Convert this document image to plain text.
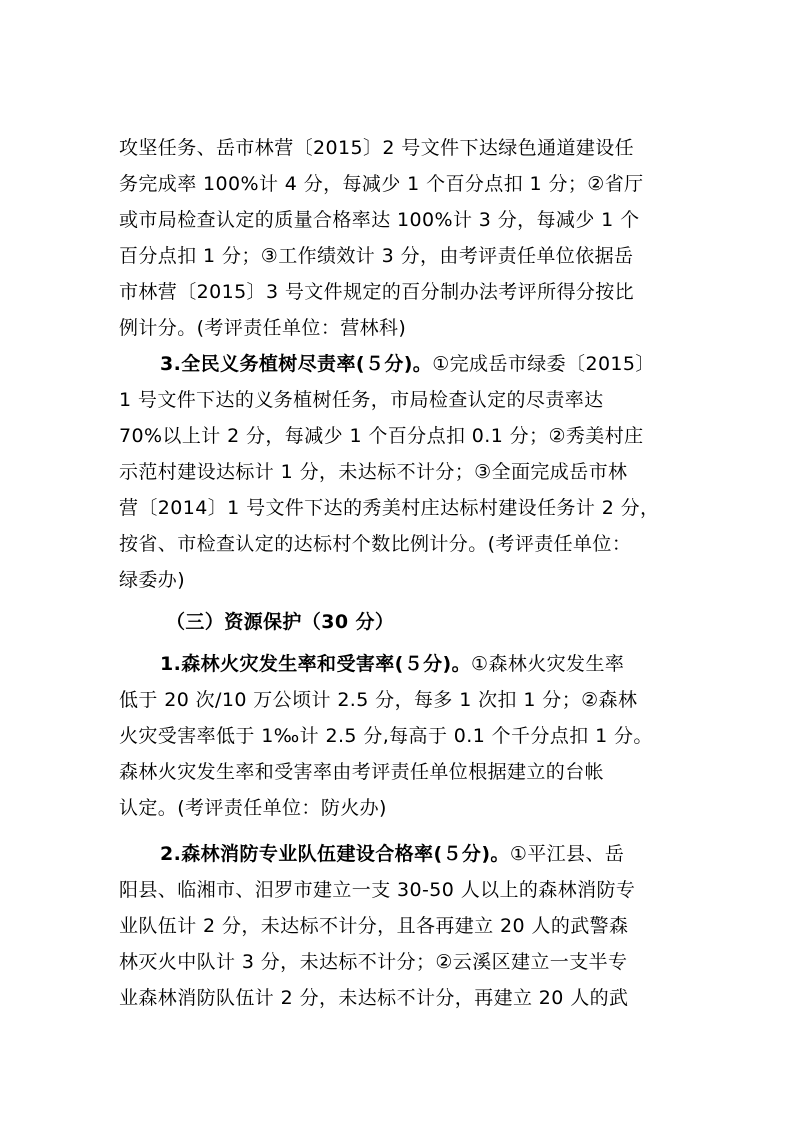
攻坚任务、岳市林营〔2015〕2 号文件下达绿色通道建设任
务完成率 100%计 4 分，每减少 1 个百分点扣 1 分；②省厅
或市局检查认定的质量合格率达 100%计 3 分，每减少 1 个
百分点扣 1 分；③工作绩效计 3 分，由考评责任单位依据岳
市林营〔2015〕3 号文件规定的百分制办法考评所得分按比
例计分。(考评责任单位：营林科)
3.全民义务植树尽责率(５分)。①完成岳市绿委〔2015〕
1 号文件下达的义务植树任务，市局检查认定的尽责率达
70%以上计 2 分，每减少 1 个百分点扣 0.1 分；②秀美村庄
示范村建设达标计 1 分，未达标不计分；③全面完成岳市林
营〔2014〕1 号文件下达的秀美村庄达标村建设任务计 2 分，
按省、市检查认定的达标村个数比例计分。(考评责任单位：
绿委办)
（三）资源保护（30 分）
1.森林火灾发生率和受害率(５分)。①森林火灾发生率
低于 20 次/10 万公顷计 2.5 分，每多 1 次扣 1 分；②森林
火灾受害率低于 1‰计 2.5 分,每高于 0.1 个千分点扣 1 分。
森林火灾发生率和受害率由考评责任单位根据建立的台帐
认定。(考评责任单位：防火办)
2.森林消防专业队伍建设合格率(５分)。①平江县、岳
阳县、临湘市、汨罗市建立一支 30-50 人以上的森林消防专
业队伍计 2 分，未达标不计分，且各再建立 20 人的武警森
林灭火中队计 3 分，未达标不计分；②云溪区建立一支半专
业森林消防队伍计 2 分，未达标不计分，再建立 20 人的武
